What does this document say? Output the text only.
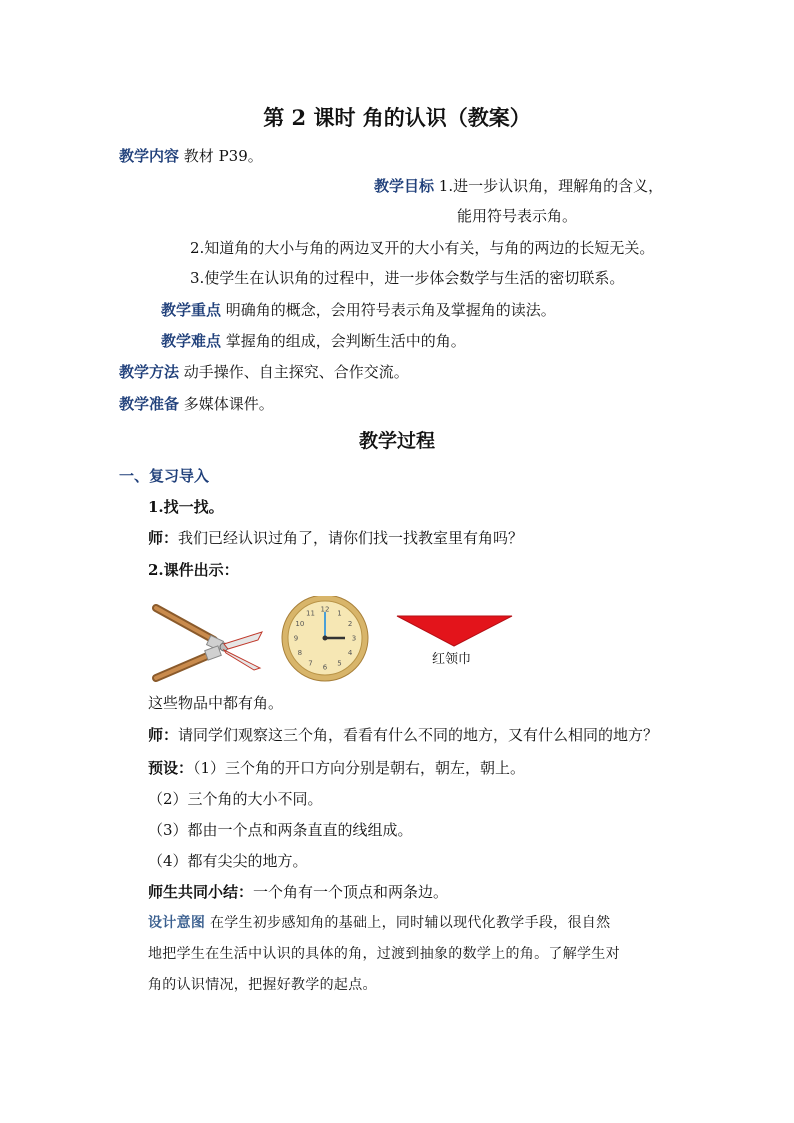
第 2 课时 角的认识（教案）
教学内容 教材 P39。
教学目标 1.进一步认识角，理解角的含义，
能用符号表示角。
2.知道角的大小与角的两边叉开的大小有关，与角的两边的长短无关。
3.使学生在认识角的过程中，进一步体会数学与生活的密切联系。
教学重点 明确角的概念，会用符号表示角及掌握角的读法。
教学难点 掌握角的组成，会判断生活中的角。
教学方法 动手操作、自主探究、合作交流。
教学准备 多媒体课件。
教学过程
一、复习导入
1.找一找。
师：我们已经认识过角了，请你们找一找教室里有角吗？
2.课件出示：
12 123 4 567891011
红领巾
这些物品中都有角。
师：请同学们观察这三个角，看看有什么不同的地方，又有什么相同的地方？
预设：（1）三个角的开口方向分别是朝右，朝左，朝上。
（2）三个角的大小不同。
（3）都由一个点和两条直直的线组成。
（4）都有尖尖的地方。
师生共同小结：一个角有一个顶点和两条边。
设计意图 在学生初步感知角的基础上，同时辅以现代化教学手段，很自然
地把学生在生活中认识的具体的角，过渡到抽象的数学上的角。了解学生对
角的认识情况，把握好教学的起点。
